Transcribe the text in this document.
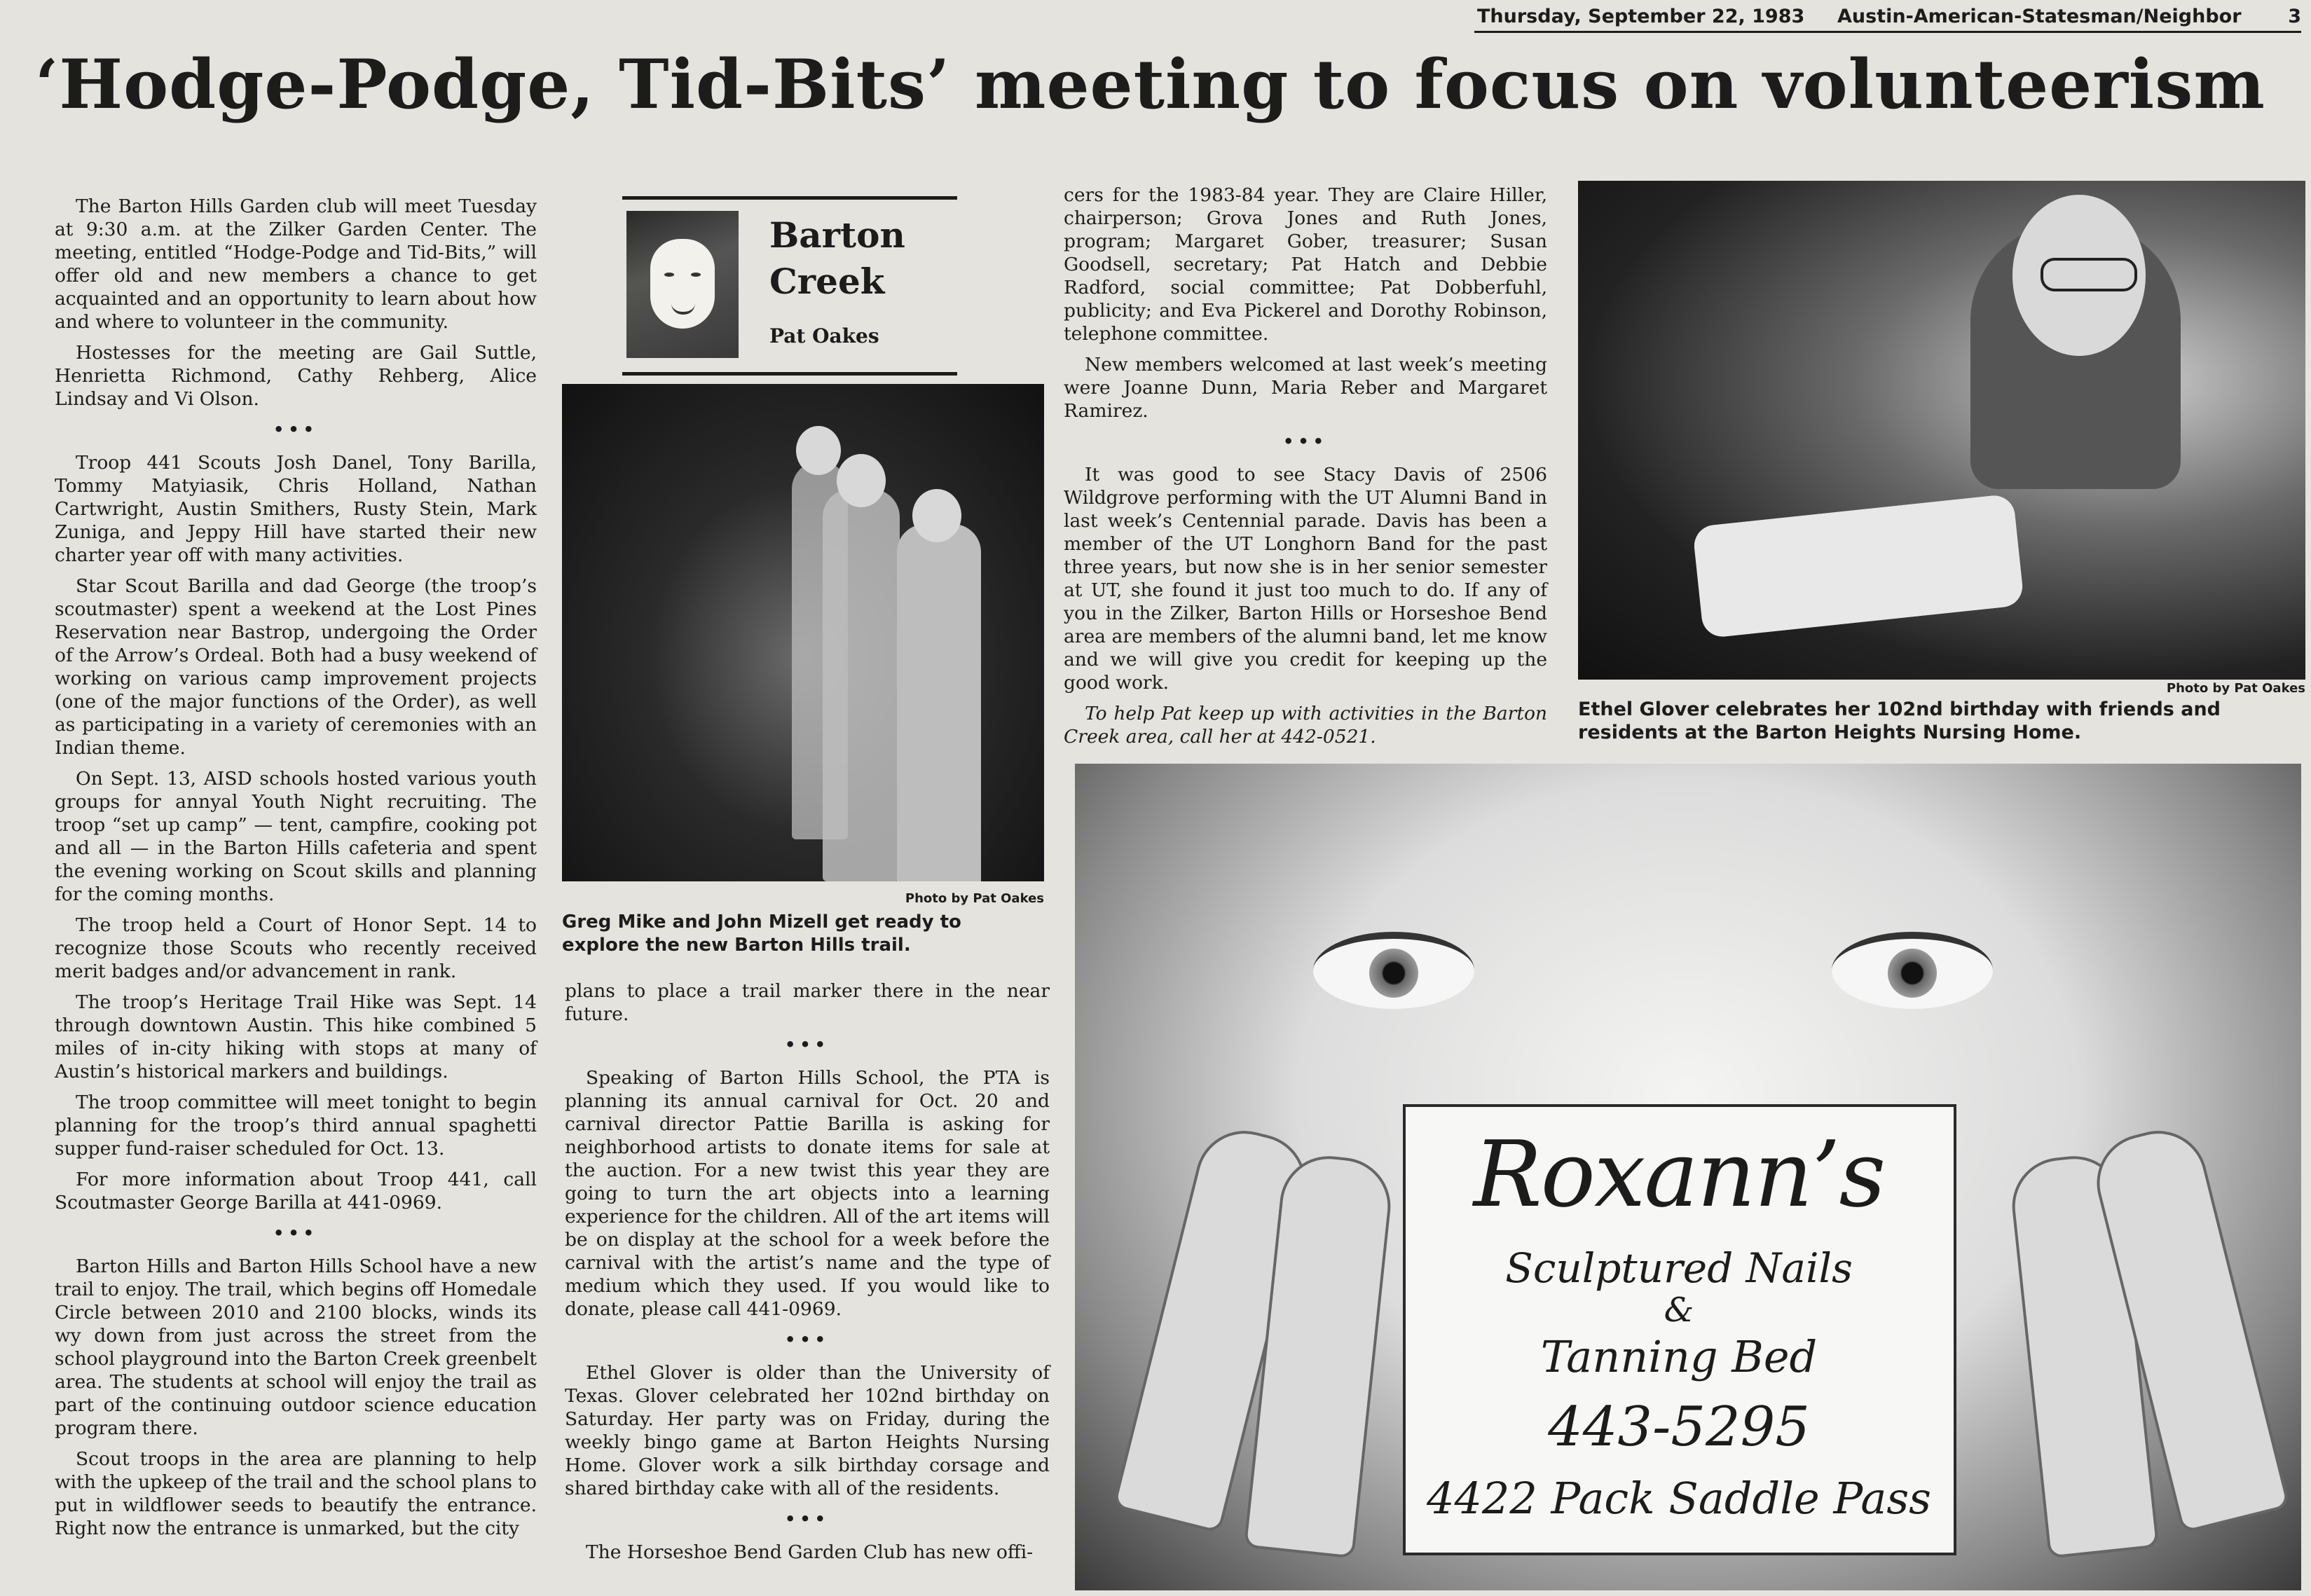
Thursday, September 22, 1983 Austin-American-Statesman/Neighbor 3
‘Hodge-Podge, Tid-Bits’ meeting to focus on volunteerism

The Barton Hills Garden club will meet Tuesday at 9:30 a.m. at the Zilker Garden Center. The meeting, entitled “Hodge-Podge and Tid-Bits,” will offer old and new members a chance to get acquainted and an opportunity to learn about how and where to volunteer in the community.

Hostesses for the meeting are Gail Suttle, Henrietta Richmond, Cathy Rehberg, Alice Lindsay and Vi Olson.

•••

Troop 441 Scouts Josh Danel, Tony Barilla, Tommy Matyiasik, Chris Holland, Nathan Cartwright, Austin Smithers, Rusty Stein, Mark Zuniga, and Jeppy Hill have started their new charter year off with many activities.

Star Scout Barilla and dad George (the troop’s scoutmaster) spent a weekend at the Lost Pines Reservation near Bastrop, undergoing the Order of the Arrow’s Ordeal. Both had a busy weekend of working on various camp improvement projects (one of the major functions of the Order), as well as participating in a variety of ceremonies with an Indian theme.

On Sept. 13, AISD schools hosted various youth groups for annyal Youth Night recruiting. The troop “set up camp” — tent, campfire, cooking pot and all — in the Barton Hills cafeteria and spent the evening working on Scout skills and planning for the coming months.

The troop held a Court of Honor Sept. 14 to recognize those Scouts who recently received merit badges and/or advancement in rank.

The troop’s Heritage Trail Hike was Sept. 14 through downtown Austin. This hike combined 5 miles of in-city hiking with stops at many of Austin’s historical markers and buildings.

The troop committee will meet tonight to begin planning for the troop’s third annual spaghetti supper fund-raiser scheduled for Oct. 13.

For more information about Troop 441, call Scoutmaster George Barilla at 441-0969.

•••

Barton Hills and Barton Hills School have a new trail to enjoy. The trail, which begins off Homedale Circle between 2010 and 2100 blocks, winds its wy down from just across the street from the school playground into the Barton Creek greenbelt area. The students at school will enjoy the trail as part of the continuing outdoor science education program there.

Scout troops in the area are planning to help with the upkeep of the trail and the school plans to put in wildflower seeds to beautify the entrance. Right now the entrance is unmarked, but the city

Barton
Creek
Pat Oakes
Photo by Pat Oakes
Greg Mike and John Mizell get ready to explore the new Barton Hills trail.

plans to place a trail marker there in the near future.

•••

Speaking of Barton Hills School, the PTA is planning its annual carnival for Oct. 20 and carnival director Pattie Barilla is asking for neighborhood artists to donate items for sale at the auction. For a new twist this year they are going to turn the art objects into a learning experience for the children. All of the art items will be on display at the school for a week before the carnival with the artist’s name and the type of medium which they used. If you would like to donate, please call 441-0969.

•••

Ethel Glover is older than the University of Texas. Glover celebrated her 102nd birthday on Saturday. Her party was on Friday, during the weekly bingo game at Barton Heights Nursing Home. Glover work a silk birthday corsage and shared birthday cake with all of the residents.

•••

The Horseshoe Bend Garden Club has new offi-

cers for the 1983-84 year. They are Claire Hiller, chairperson; Grova Jones and Ruth Jones, program; Margaret Gober, treasurer; Susan Goodsell, secretary; Pat Hatch and Debbie Radford, social committee; Pat Dobberfuhl, publicity; and Eva Pickerel and Dorothy Robinson, telephone committee.

New members welcomed at last week’s meeting were Joanne Dunn, Maria Reber and Margaret Ramirez.

•••

It was good to see Stacy Davis of 2506 Wildgrove performing with the UT Alumni Band in last week’s Centennial parade. Davis has been a member of the UT Longhorn Band for the past three years, but now she is in her senior semester at UT, she found it just too much to do. If any of you in the Zilker, Barton Hills or Horseshoe Bend area are members of the alumni band, let me know and we will give you credit for keeping up the good work.

To help Pat keep up with activities in the Barton Creek area, call her at 442-0521.

Photo by Pat Oakes
Ethel Glover celebrates her 102nd birthday with friends and residents at the Barton Heights Nursing Home.
Roxann’s
Sculptured Nails
&
Tanning Bed
443-5295
4422 Pack Saddle Pass
